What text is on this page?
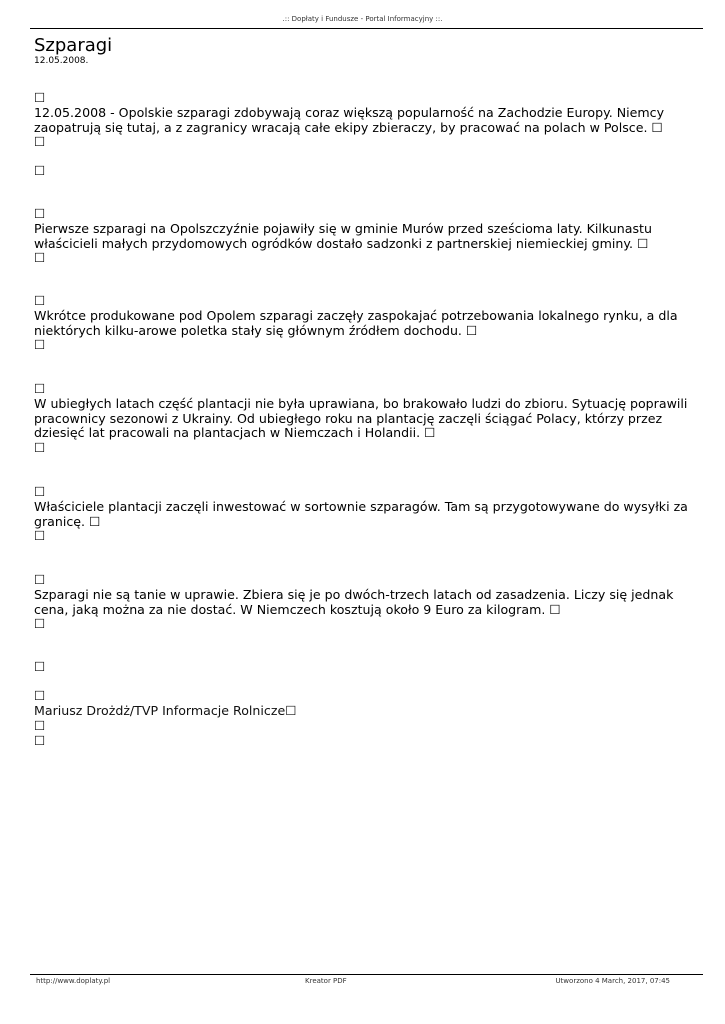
.:: Dopłaty i Fundusze - Portal Informacyjny ::.
Szparagi
12.05.2008.
☐
12.05.2008 - Opolskie szparagi zdobywają coraz większą popularność na Zachodzie Europy. Niemcy zaopatrują się tutaj, a z zagranicy wracają całe ekipy zbieraczy, by pracować na polach w Polsce. ☐
☐
☐
☐
Pierwsze szparagi na Opolszczyźnie pojawiły się w gminie Murów przed sześcioma laty. Kilkunastu właścicieli małych przydomowych ogródków dostało sadzonki z partnerskiej niemieckiej gminy. ☐
☐
☐
Wkrótce produkowane pod Opolem szparagi zaczęły zaspokajać potrzebowania lokalnego rynku, a dla niektórych kilku-arowe poletka stały się głównym źródłem dochodu. ☐
☐
☐
W ubiegłych latach część plantacji nie była uprawiana, bo brakowało ludzi do zbioru. Sytuację poprawili pracownicy sezonowi z Ukrainy. Od ubiegłego roku na plantację zaczęli ściągać Polacy, którzy przez dziesięć lat pracowali na plantacjach w Niemczach i Holandii. ☐
☐
☐
Właściciele plantacji zaczęli inwestować w sortownie szparagów. Tam są przygotowywane do wysyłki za granicę. ☐
☐
☐
Szparagi nie są tanie w uprawie. Zbiera się je po dwóch-trzech latach od zasadzenia. Liczy się jednak cena, jaką można za nie dostać. W Niemczech kosztują około 9 Euro za kilogram. ☐
☐
☐
☐
Mariusz Drożdż/TVP Informacje Rolnicze☐
☐
☐
http://www.doplaty.pl	Kreator PDF	Utworzono 4 March, 2017, 07:45
